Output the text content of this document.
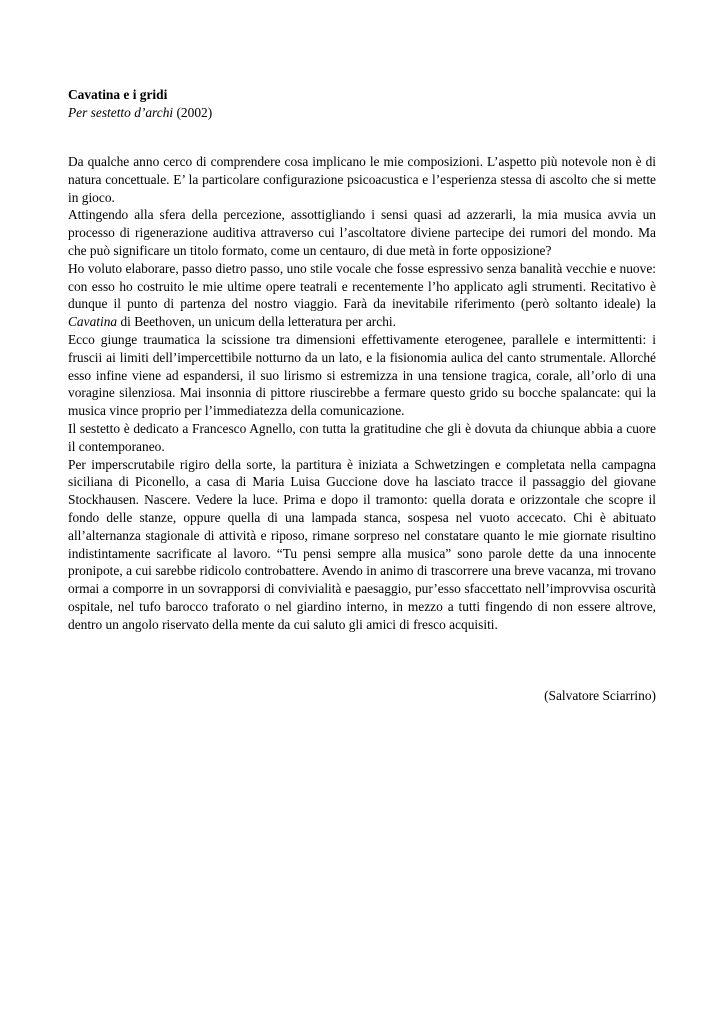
Cavatina e i gridi
Per sestetto d’archi (2002)

Da qualche anno cerco di comprendere cosa implicano le mie composizioni. L’aspetto più notevole non è di natura concettuale. E’ la particolare configurazione psicoacustica e l’esperienza stessa di ascolto che si mette in gioco.

Attingendo alla sfera della percezione, assottigliando i sensi quasi ad azzerarli, la mia musica avvia un processo di rigenerazione auditiva attraverso cui l’ascoltatore diviene partecipe dei rumori del mondo. Ma che può significare un titolo formato, come un centauro, di due metà in forte opposizione?

Ho voluto elaborare, passo dietro passo, uno stile vocale che fosse espressivo senza banalità vecchie e nuove: con esso ho costruito le mie ultime opere teatrali e recentemente l’ho applicato agli strumenti. Recitativo è dunque il punto di partenza del nostro viaggio. Farà da inevitabile riferimento (però soltanto ideale) la Cavatina di Beethoven, un unicum della letteratura per archi.

Ecco giunge traumatica la scissione tra dimensioni effettivamente eterogenee, parallele e intermittenti: i fruscii ai limiti dell’impercettibile notturno da un lato, e la fisionomia aulica del canto strumentale. Allorché esso infine viene ad espandersi, il suo lirismo si estremizza in una tensione tragica, corale, all’orlo di una voragine silenziosa. Mai insonnia di pittore riuscirebbe a fermare questo grido su bocche spalancate: qui la musica vince proprio per l’immediatezza della comunicazione.

Il sestetto è dedicato a Francesco Agnello, con tutta la gratitudine che gli è dovuta da chiunque abbia a cuore il contemporaneo.

Per imperscrutabile rigiro della sorte, la partitura è iniziata a Schwetzingen e completata nella campagna siciliana di Piconello, a casa di Maria Luisa Guccione dove ha lasciato tracce il passaggio del giovane Stockhausen. Nascere. Vedere la luce. Prima e dopo il tramonto: quella dorata e orizzontale che scopre il fondo delle stanze, oppure quella di una lampada stanca, sospesa nel vuoto accecato. Chi è abituato all’alternanza stagionale di attività e riposo, rimane sorpreso nel constatare quanto le mie giornate risultino indistintamente sacrificate al lavoro. “Tu pensi sempre alla musica” sono parole dette da una innocente pronipote, a cui sarebbe ridicolo controbattere. Avendo in animo di trascorrere una breve vacanza, mi trovano ormai a comporre in un sovrapporsi di convivialità e paesaggio, pur’esso sfaccettato nell’improvvisa oscurità ospitale, nel tufo barocco traforato o nel giardino interno, in mezzo a tutti fingendo di non essere altrove, dentro un angolo riservato della mente da cui saluto gli amici di fresco acquisiti.

(Salvatore Sciarrino)
